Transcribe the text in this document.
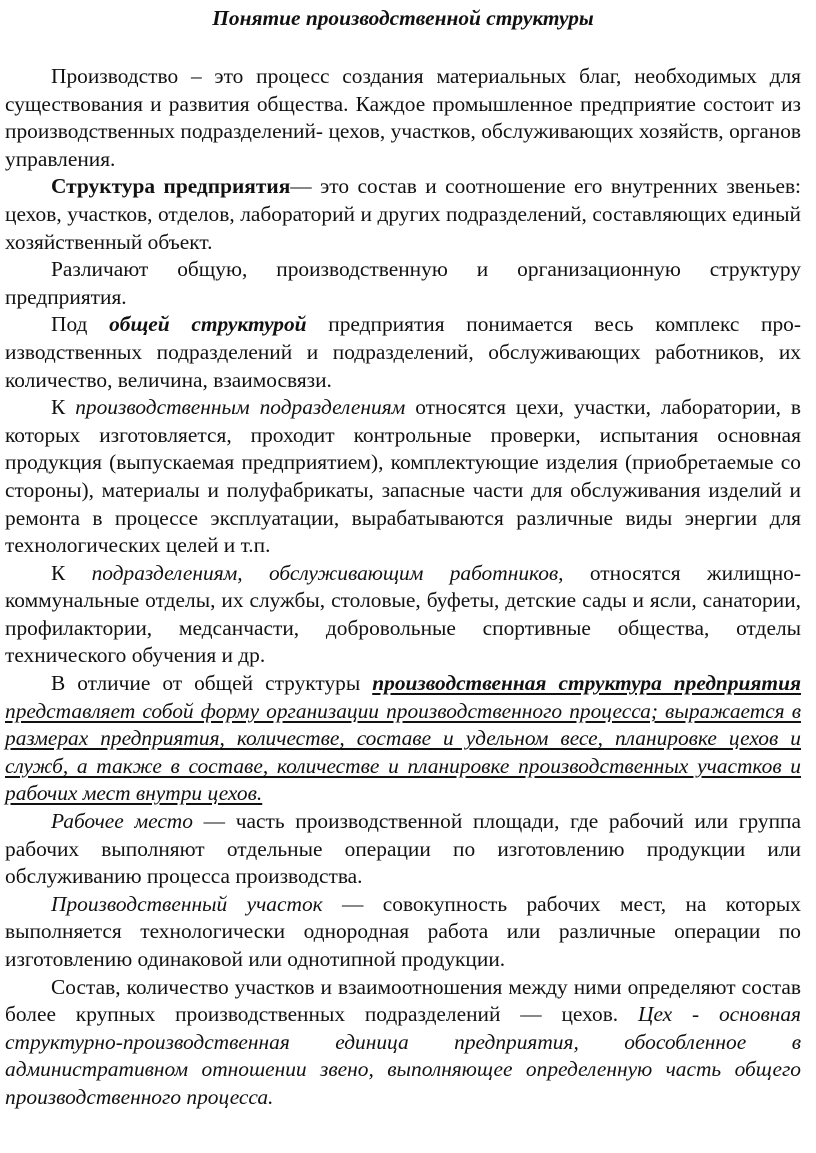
Понятие производственной структуры

Производство – это процесс создания материальных благ, необходимых для существования и развития общества. Каждое промышленное предприятие состоит из производственных подразделений- цехов, участков, обслуживающих хозяйств, органов управления.

Структура предприятия— это состав и соотношение его внутренних звеньев: цехов, участков, отделов, лабораторий и других подразделений, составляющих единый хозяйственный объект.

Различают общую, производственную и организационную структуру предприятия.

Под общей структурой предприятия понимается весь комплекс производственных подразделений и подразделений, обслуживающих работников, их количество, величина, взаимосвязи.

К производственным подразделениям относятся цехи, участки, лаборатории, в которых изготовляется, проходит контрольные проверки, испытания основная продукция (выпускаемая предприятием), комплектующие изделия (приобретаемые со стороны), материалы и полуфабрикаты, запасные части для обслуживания изделий и ремонта в процессе эксплуатации, вырабатываются различные виды энергии для технологических целей и т.п.

К подразделениям, обслуживающим работников, относятся жилищно-коммунальные отделы, их службы, столовые, буфеты, детские сады и ясли, санатории, профилактории, медсанчасти, добровольные спортивные общества, отделы технического обучения и др.

В отличие от общей структуры производственная структура предприятия представляет собой форму организации производственного процесса; выражается в размерах предприятия, количестве, составе и удельном весе, планировке цехов и служб, а также в составе, количестве и планировке производственных участков и рабочих мест внутри цехов.

Рабочее место — часть производственной площади, где рабочий или группа рабочих выполняют отдельные операции по изготовлению продукции или обслуживанию процесса производства.

Производственный участок — совокупность рабочих мест, на которых выполняется технологически однородная работа или различные операции по изготовлению одинаковой или однотипной продукции.

Состав, количество участков и взаимоотношения между ними определяют состав более крупных производственных подразделений — цехов. Цех - основная структурно-производственная единица предприятия, обособленное в административном отношении звено, выполняющее определенную часть общего производственного процесса.
